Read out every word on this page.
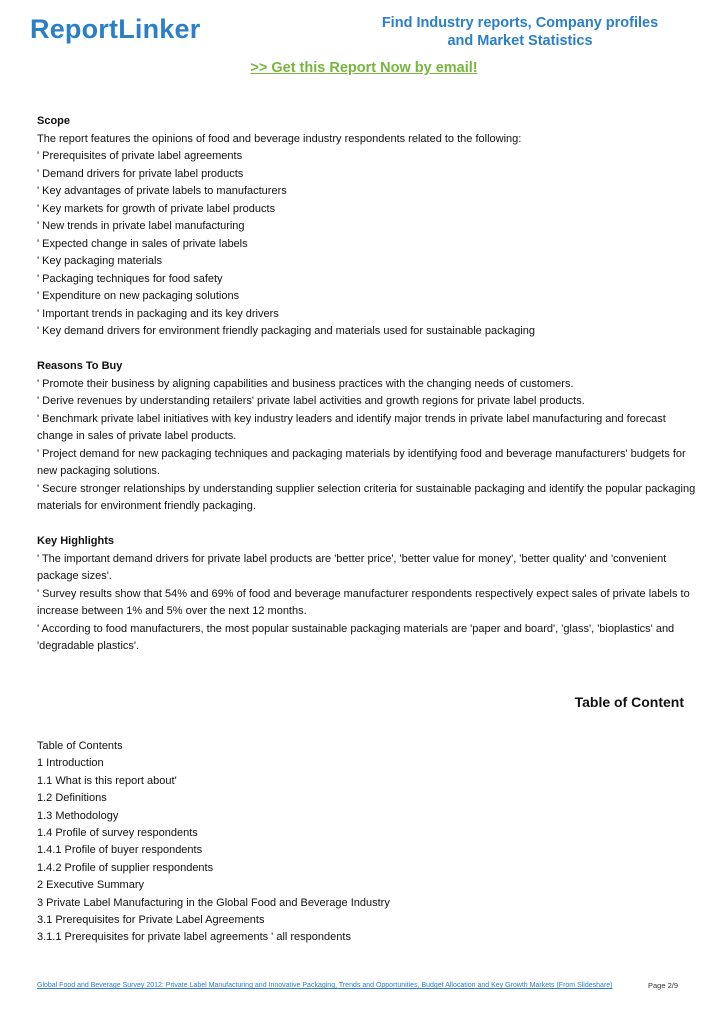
ReportLinker	Find Industry reports, Company profiles
and Market Statistics
>> Get this Report Now by email!
Scope
The report features the opinions of food and beverage industry respondents related to the following:
' Prerequisites of private label agreements
' Demand drivers for private label products
' Key advantages of private labels to manufacturers
' Key markets for growth of private label products
' New trends in private label manufacturing
' Expected change in sales of private labels
' Key packaging materials
' Packaging techniques for food safety
' Expenditure on new packaging solutions
' Important trends in packaging and its key drivers
' Key demand drivers for environment friendly packaging and materials used for sustainable packaging
Reasons To Buy
' Promote their business by aligning capabilities and business practices with the changing needs of customers.
' Derive revenues by understanding retailers' private label activities and growth regions for private label products.
' Benchmark private label initiatives with key industry leaders and identify major trends in private label manufacturing and forecast change in sales of private label products.
' Project demand for new packaging techniques and packaging materials by identifying food and beverage manufacturers' budgets for new packaging solutions.
' Secure stronger relationships by understanding supplier selection criteria for sustainable packaging and identify the popular packaging materials for environment friendly packaging.
Key Highlights
' The important demand drivers for private label products are 'better price', 'better value for money', 'better quality' and 'convenient package sizes'.
' Survey results show that 54% and 69% of food and beverage manufacturer respondents respectively expect sales of private labels to increase between 1% and 5% over the next 12 months.
' According to food manufacturers, the most popular sustainable packaging materials are 'paper and board', 'glass', 'bioplastics' and 'degradable plastics'.
Table of Content
Table of Contents
1 Introduction
1.1 What is this report about'
1.2 Definitions
1.3 Methodology
1.4 Profile of survey respondents
1.4.1 Profile of buyer respondents
1.4.2 Profile of supplier respondents
2 Executive Summary
3 Private Label Manufacturing in the Global Food and Beverage Industry
3.1 Prerequisites for Private Label Agreements
3.1.1 Prerequisites for private label agreements ' all respondents
Global Food and Beverage Survey 2012: Private Label Manufacturing and Innovative Packaging, Trends and Opportunities, Budget Allocation and Key Growth Markets (From Slideshare)	Page 2/9
